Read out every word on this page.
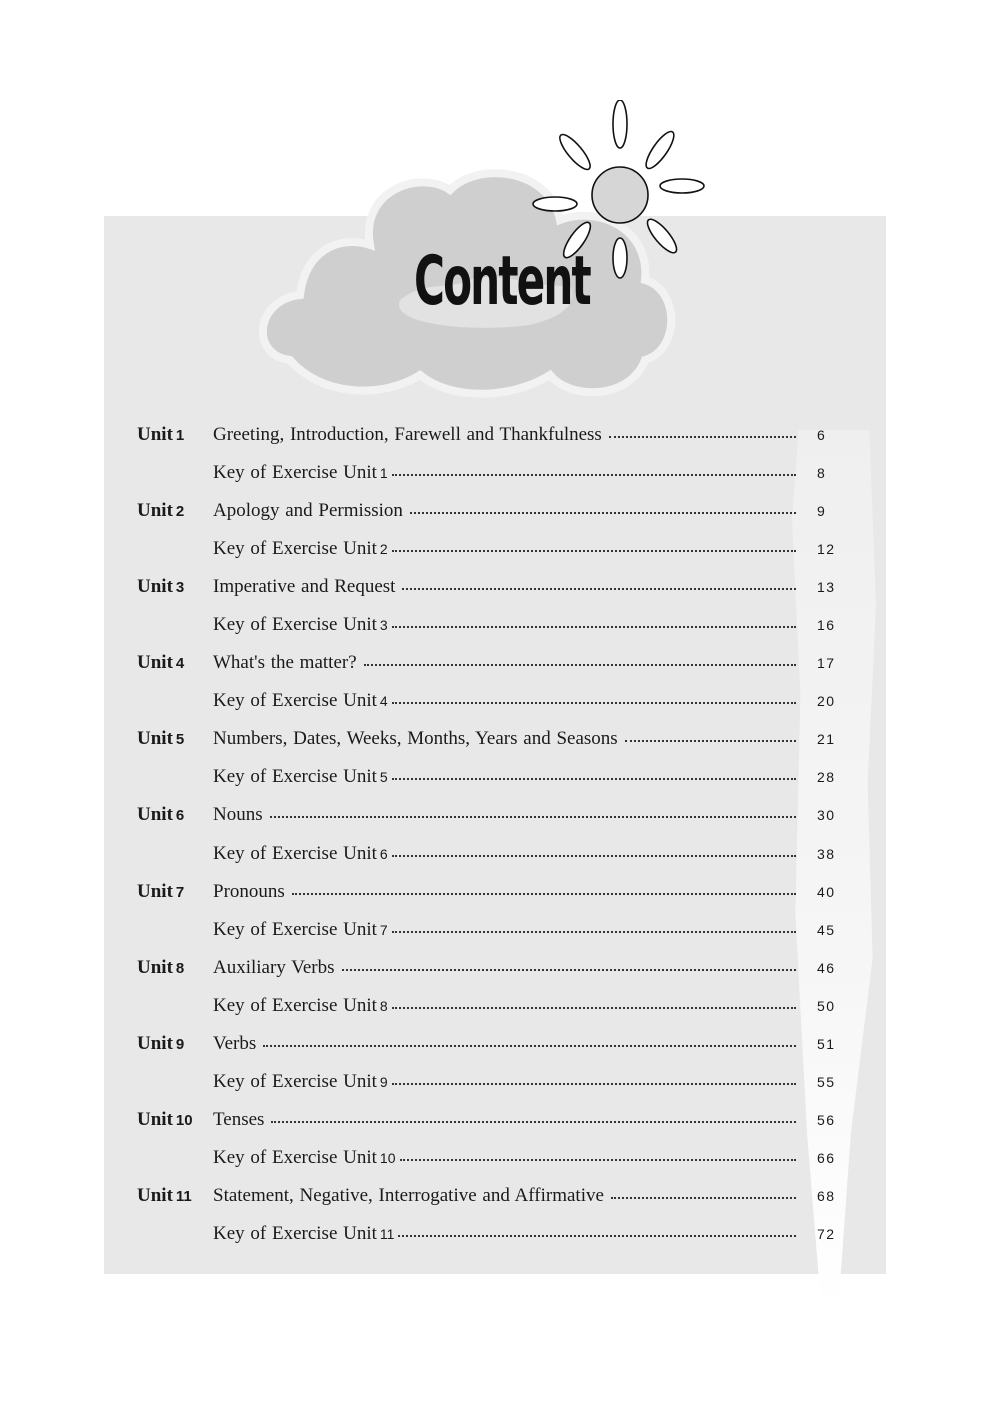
Content
Unit 1	Greeting, Introduction, Farewell and Thankfulness	6
Key of Exercise Unit 1	8
Unit 2	Apology and Permission	9
Key of Exercise Unit 2	12
Unit 3	Imperative and Request	13
Key of Exercise Unit 3	16
Unit 4	What's the matter?	17
Key of Exercise Unit 4	20
Unit 5	Numbers, Dates, Weeks, Months, Years and Seasons	21
Key of Exercise Unit 5	28
Unit 6	Nouns	30
Key of Exercise Unit 6	38
Unit 7	Pronouns	40
Key of Exercise Unit 7	45
Unit 8	Auxiliary Verbs	46
Key of Exercise Unit 8	50
Unit 9	Verbs	51
Key of Exercise Unit 9	55
Unit 10	Tenses	56
Key of Exercise Unit 10	66
Unit 11	Statement, Negative, Interrogative and Affirmative	68
Key of Exercise Unit 11	72
